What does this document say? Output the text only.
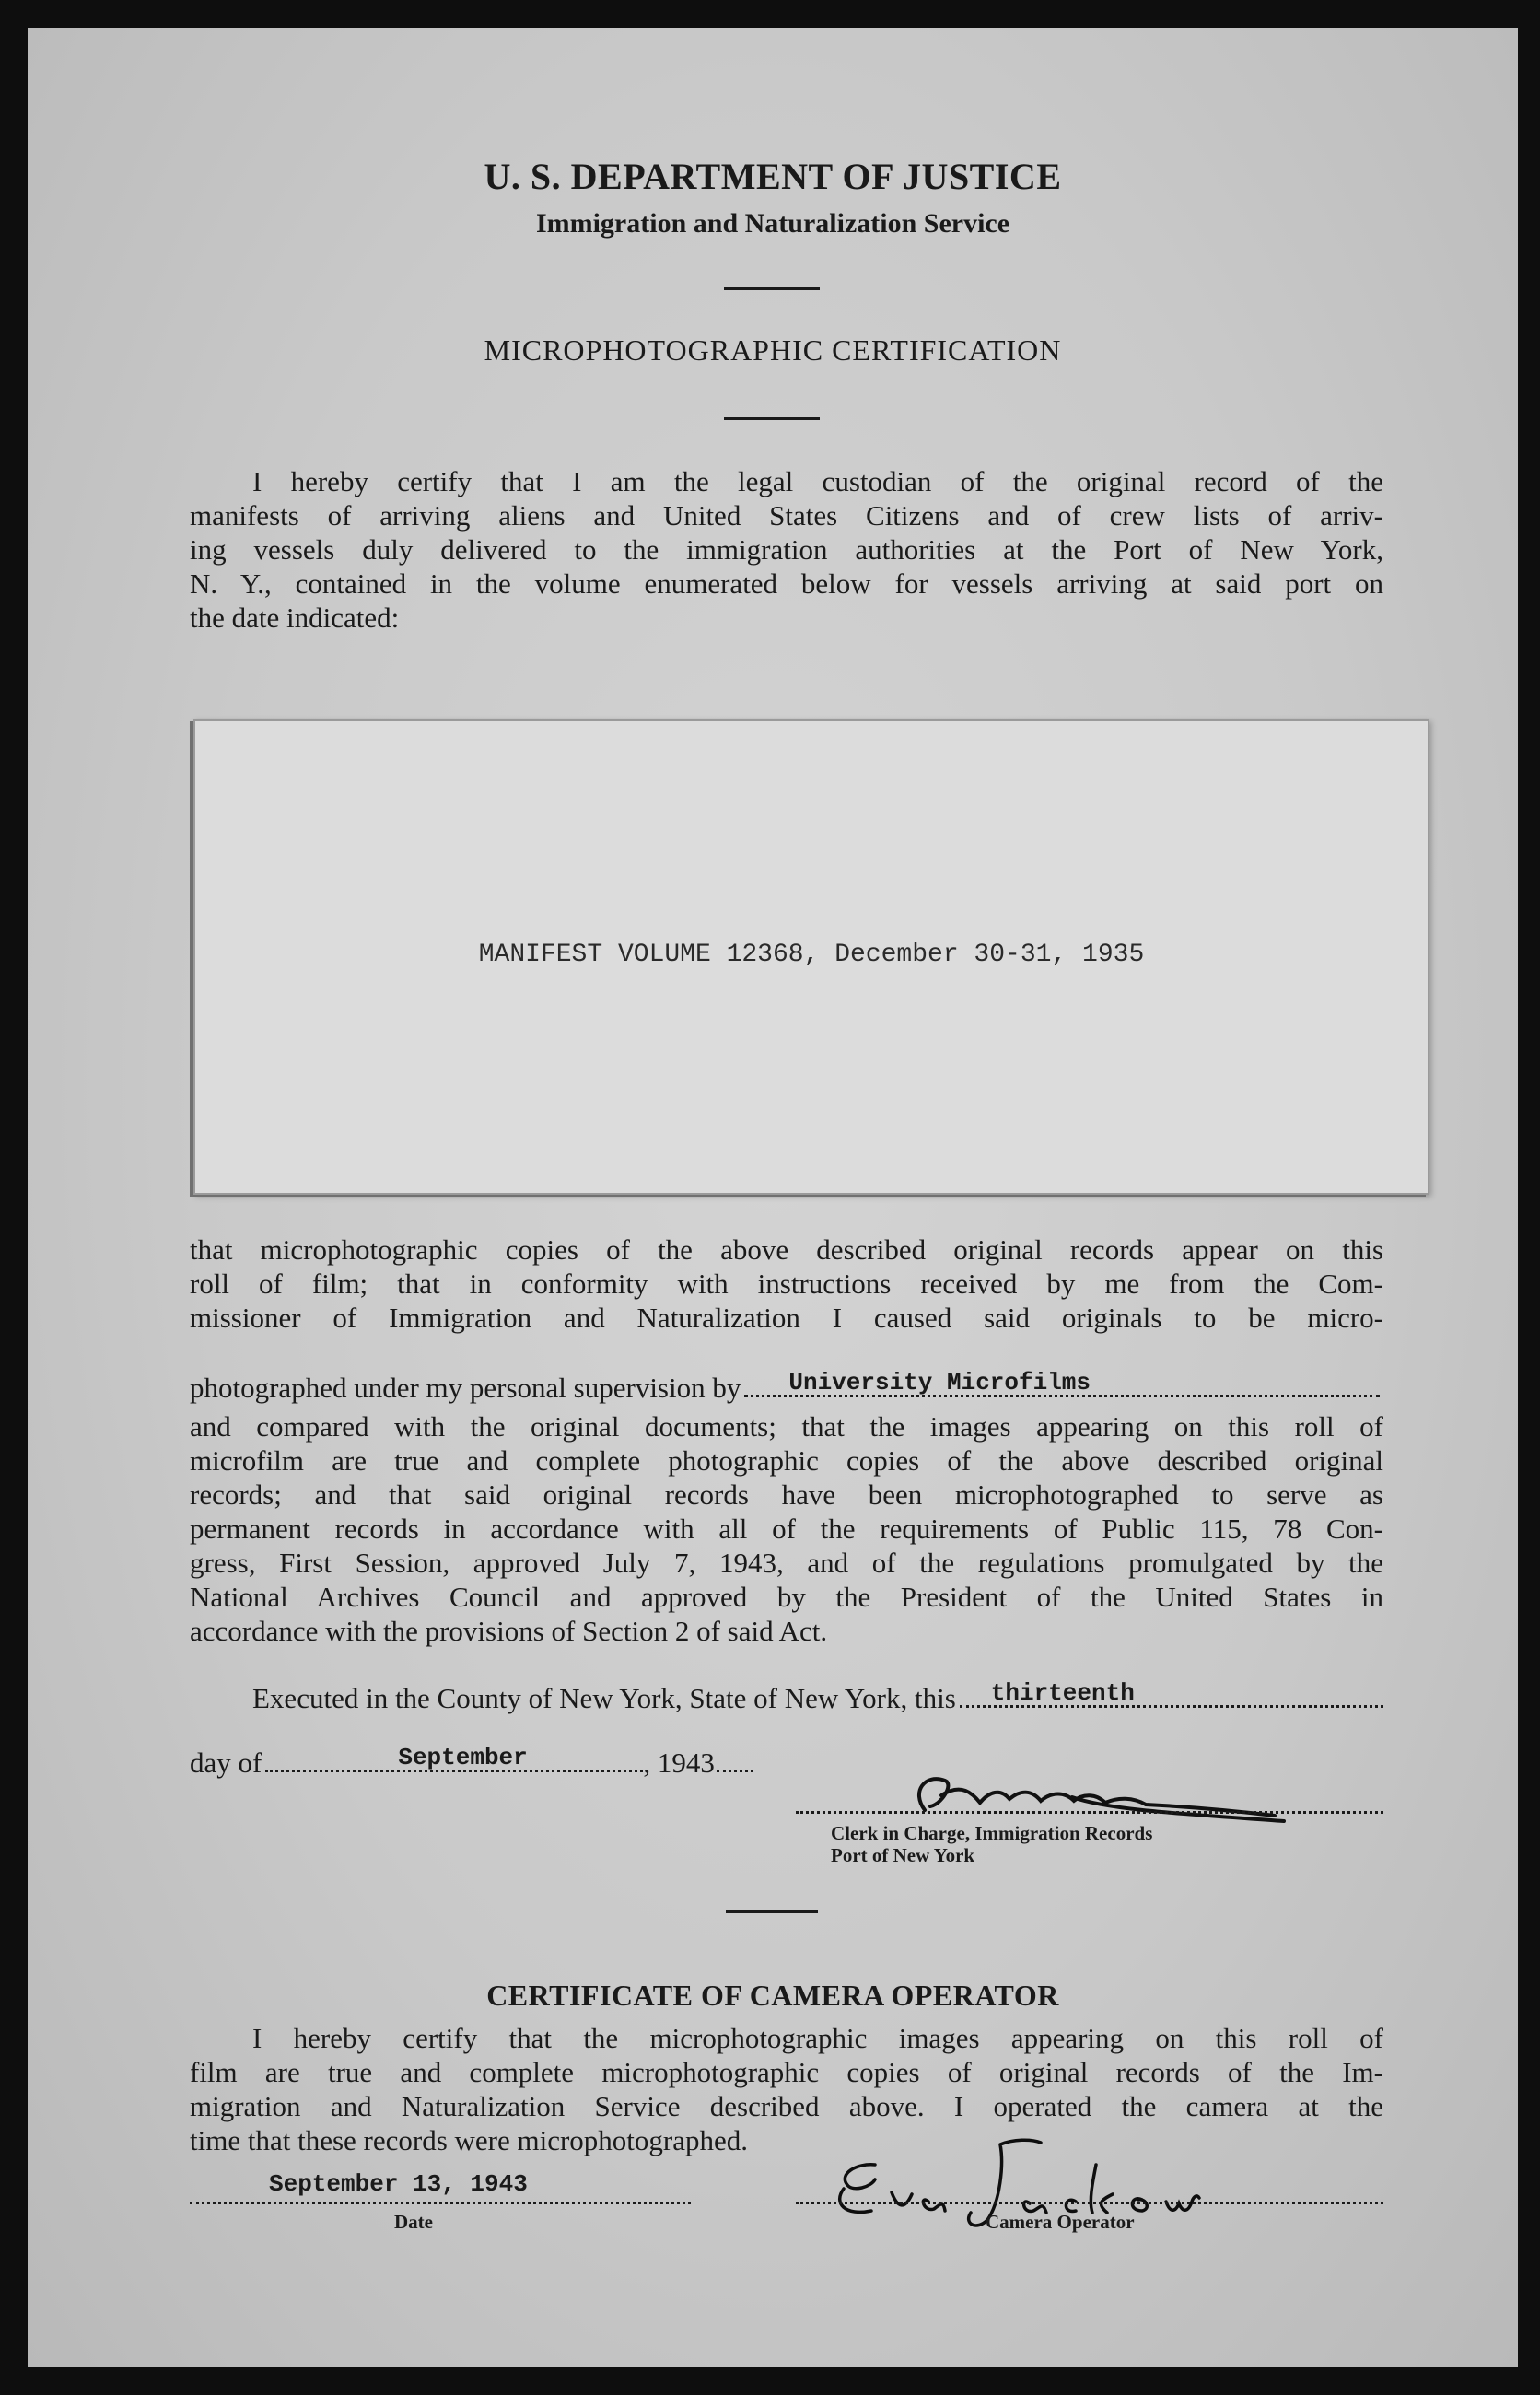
U. S. DEPARTMENT OF JUSTICE
Immigration and Naturalization Service
MICROPHOTOGRAPHIC CERTIFICATION
I hereby certify that I am the legal custodian of the original record of the
manifests of arriving aliens and United States Citizens and of crew lists of arriv-
ing vessels duly delivered to the immigration authorities at the Port of New York,
N. Y., contained in the volume enumerated below for vessels arriving at said port on
the date indicated:
MANIFEST VOLUME 12368, December 30-31, 1935
that microphotographic copies of the above described original records appear on this
roll of film; that in conformity with instructions received by me from the Com-
missioner of Immigration and Naturalization I caused said originals to be micro-
photographed under my personal supervision by University Microfilms
and compared with the original documents; that the images appearing on this roll of
microfilm are true and complete photographic copies of the above described original
records; and that said original records have been microphotographed to serve as
permanent records in accordance with all of the requirements of Public 115, 78 Con-
gress, First Session, approved July 7, 1943, and of the regulations promulgated by the
National Archives Council and approved by the President of the United States in
accordance with the provisions of Section 2 of said Act.
Executed in the County of New York, State of New York, this thirteenth
day of	September	, 1943
Clerk in Charge, Immigration Records
Port of New York
CERTIFICATE OF CAMERA OPERATOR
I hereby certify that the microphotographic images appearing on this roll of
film are true and complete microphotographic copies of original records of the Im-
migration and Naturalization Service described above. I operated the camera at the
time that these records were microphotographed.
September 13, 1943
Date	Camera Operator
